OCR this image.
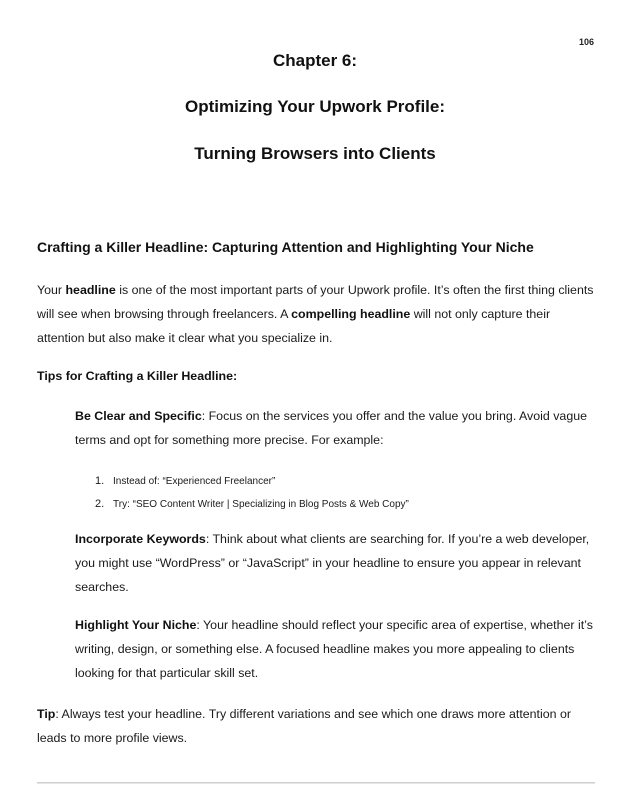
106
Chapter 6:
Optimizing Your Upwork Profile:
Turning Browsers into Clients
Crafting a Killer Headline: Capturing Attention and Highlighting Your Niche

Your headline is one of the most important parts of your Upwork profile. It’s often the first thing clients will see when browsing through freelancers. A compelling headline will not only capture their attention but also make it clear what you specialize in.

Tips for Crafting a Killer Headline:

Be Clear and Specific: Focus on the services you offer and the value you bring. Avoid vague terms and opt for something more precise. For example:

1. Instead of: “Experienced Freelancer”
2. Try: “SEO Content Writer | Specializing in Blog Posts & Web Copy”

Incorporate Keywords: Think about what clients are searching for. If you’re a web developer, you might use “WordPress” or “JavaScript” in your headline to ensure you appear in relevant searches.

Highlight Your Niche: Your headline should reflect your specific area of expertise, whether it’s writing, design, or something else. A focused headline makes you more appealing to clients looking for that particular skill set.

Tip: Always test your headline. Try different variations and see which one draws more attention or leads to more profile views.
